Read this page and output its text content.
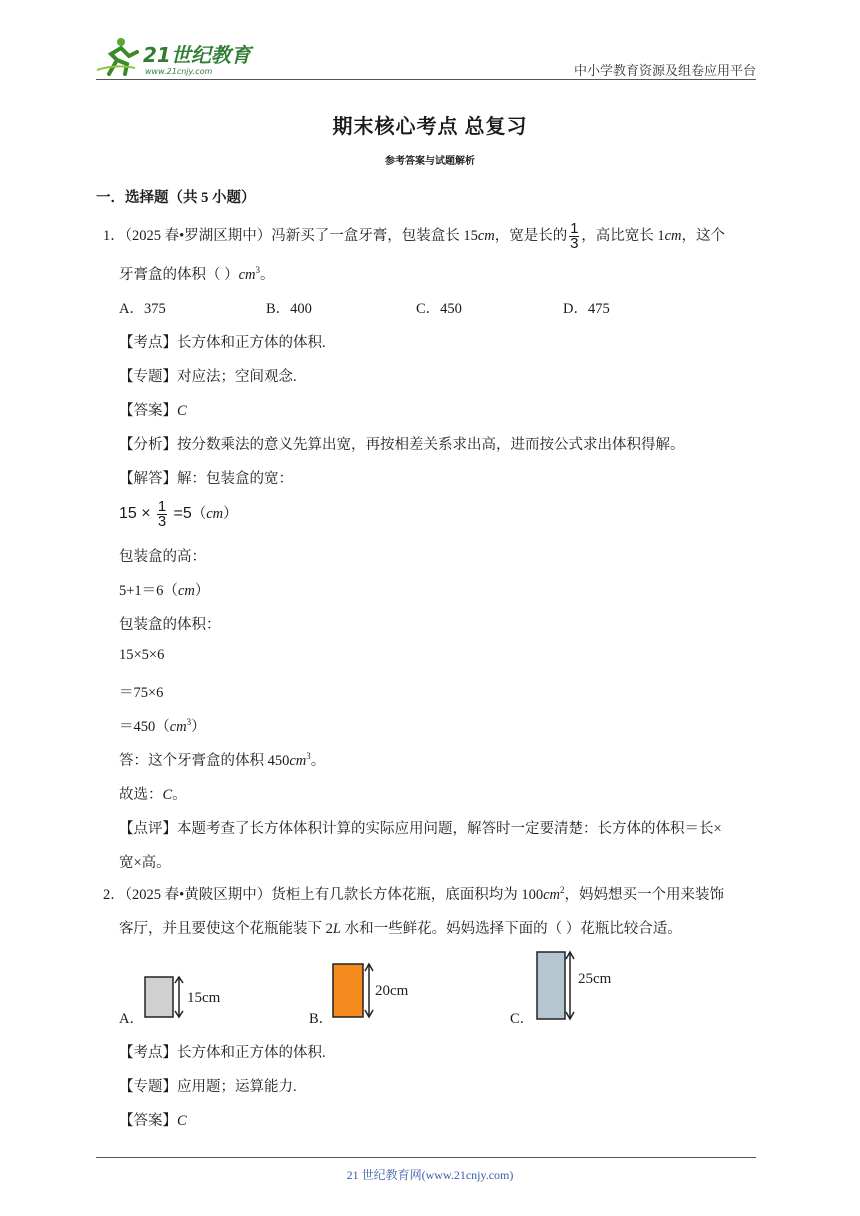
21世纪教育
www.21cnjy.com	中小学教育资源及组卷应用平台
期末核心考点 总复习
参考答案与试题解析
一．选择题（共 5 小题）
1．（2025 春•罗湖区期中）冯新买了一盒牙膏，包装盒长 15cm，宽是长的 $\frac{1}{3}$ ，高比宽长 1cm，这个
牙膏盒的体积（ ）$cm^3$。
A．375	B．400	C．450	D．475
【考点】长方体和正方体的体积.
【专题】对应法；空间观念.
【答案】C
【分析】按分数乘法的意义先算出宽，再按相差关系求出高，进而按公式求出体积得解。
【解答】解：包装盒的宽：
$15 \times \frac{1}{3} =5(cm)$
包装盒的高：
5+1＝6（cm）
包装盒的体积：
15×5×6
＝75×6
$=450(cm^3)$
答：这个牙膏盒的体积 $450cm^3$。
故选：C。
【点评】本题考查了长方体体积计算的实际应用问题，解答时一定要清楚：长方体的体积＝长×
宽×高。
2．（2025 春•黄陂区期中）货柜上有几款长方体花瓶，底面积均为 $100cm^2$，妈妈想买一个用来装饰
客厅，并且要使这个花瓶能装下 2L 水和一些鲜花。妈妈选择下面的（ ）花瓶比较合适。
A．
15cm
B．
20cm
C．
25cm
【考点】长方体和正方体的体积.
【专题】应用题；运算能力.
【答案】C
21 世纪教育网(www.21cnjy.com)
